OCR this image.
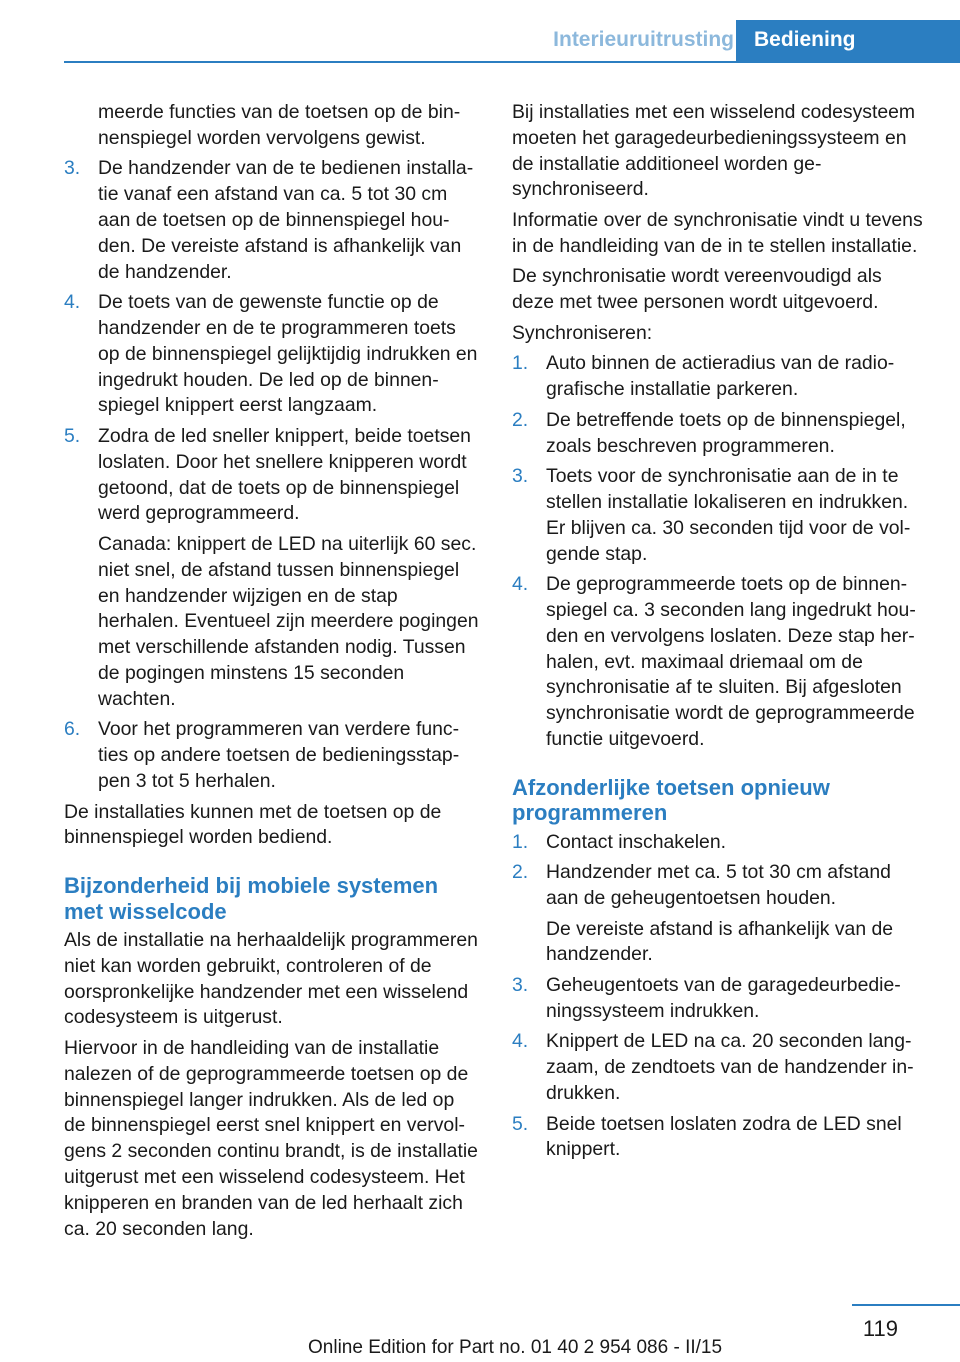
Interieuruitrusting Bediening

meerde functies van de toetsen op de binnenspiegel worden vervolgens gewist.

3. De handzender van de te bedienen installatie vanaf een afstand van ca. 5 tot 30 cm aan de toetsen op de binnenspiegel houden. De vereiste afstand is afhankelijk van de handzender.
4. De toets van de gewenste functie op de handzender en de te programmeren toets op de binnenspiegel gelijktijdig indrukken en ingedrukt houden. De led op de binnenspiegel knippert eerst langzaam.
5. Zodra de led sneller knippert, beide toetsen loslaten. Door het snellere knipperen wordt getoond, dat de toets op de binnenspiegel werd geprogrammeerd.

Canada: knippert de LED na uiterlijk 60 sec. niet snel, de afstand tussen binnenspiegel en handzender wijzigen en de stap herhalen. Eventueel zijn meerdere pogingen met verschillende afstanden nodig. Tussen de pogingen minstens 15 seconden wachten.

6. Voor het programmeren van verdere functies op andere toetsen de bedieningsstappen 3 tot 5 herhalen.

De installaties kunnen met de toetsen op de binnenspiegel worden bediend.

Bijzonderheid bij mobiele systemen met wisselcode

Als de installatie na herhaaldelijk programmeren niet kan worden gebruikt, controleren of de oorspronkelijke handzender met een wisselend codesysteem is uitgerust.

Hiervoor in de handleiding van de installatie nalezen of de geprogrammeerde toetsen op de binnenspiegel langer indrukken. Als de led op de binnenspiegel eerst snel knippert en vervolgens 2 seconden continu brandt, is de installatie uitgerust met een wisselend codesysteem. Het knipperen en branden van de led herhaalt zich ca. 20 seconden lang.

Bij installaties met een wisselend codesysteem moeten het garagedeurbedieningssysteem en de installatie additioneel worden gesynchroniseerd.

Informatie over de synchronisatie vindt u tevens in de handleiding van de in te stellen installatie.

De synchronisatie wordt vereenvoudigd als deze met twee personen wordt uitgevoerd.

Synchroniseren:

1. Auto binnen de actieradius van de radiografische installatie parkeren.
2. De betreffende toets op de binnenspiegel, zoals beschreven programmeren.
3. Toets voor de synchronisatie aan de in te stellen installatie lokaliseren en indrukken. Er blijven ca. 30 seconden tijd voor de volgende stap.
4. De geprogrammeerde toets op de binnenspiegel ca. 3 seconden lang ingedrukt houden en vervolgens loslaten. Deze stap herhalen, evt. maximaal driemaal om de synchronisatie af te sluiten. Bij afgesloten synchronisatie wordt de geprogrammeerde functie uitgevoerd.
Afzonderlijke toetsen opnieuw programmeren
1. Contact inschakelen.
2. Handzender met ca. 5 tot 30 cm afstand aan de geheugentoetsen houden.

De vereiste afstand is afhankelijk van de handzender.

3. Geheugentoets van de garagedeurbedieningssysteem indrukken.
4. Knippert de LED na ca. 20 seconden langzaam, de zendtoets van de handzender indrukken.
5. Beide toetsen loslaten zodra de LED snel knippert.
119
Online Edition for Part no. 01 40 2 954 086 - II/15
